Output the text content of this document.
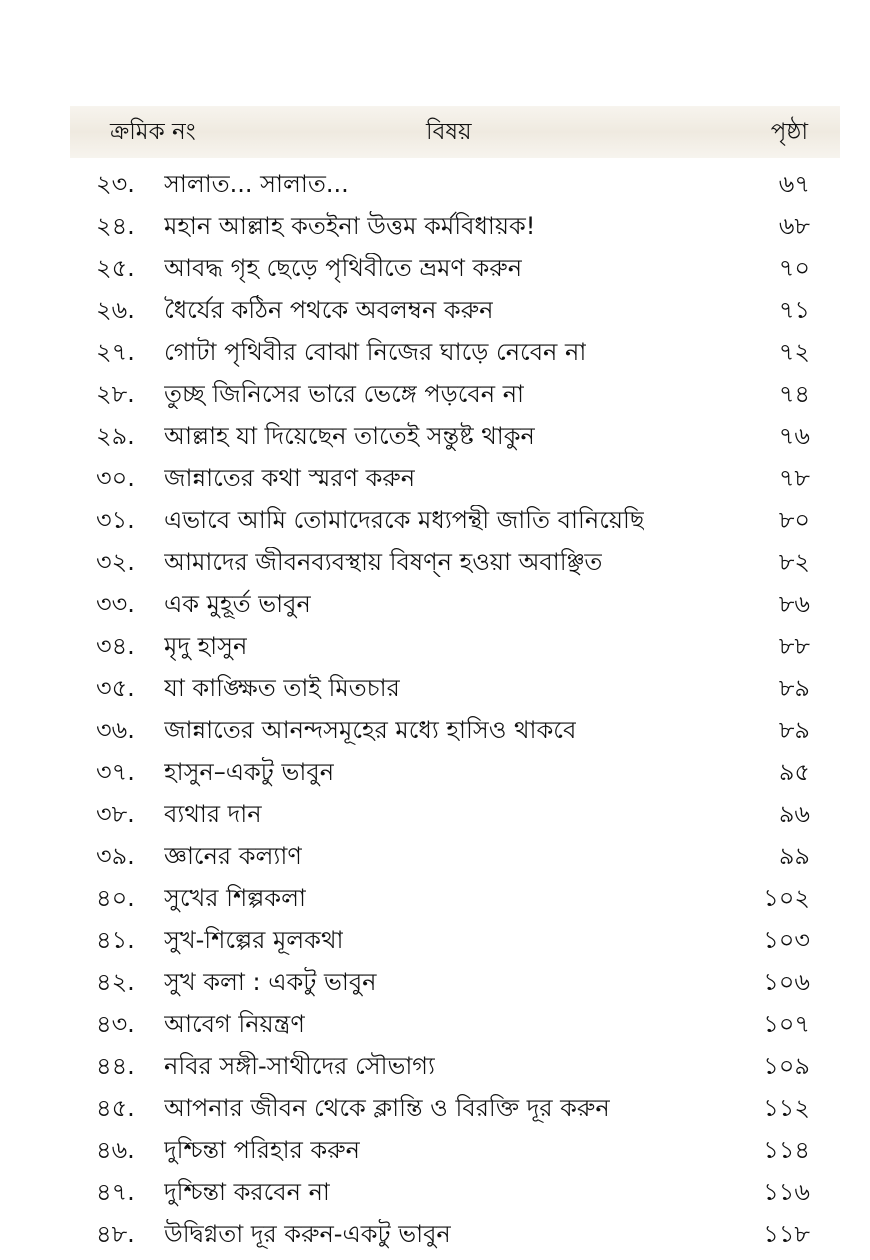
ক্রমিক নং	বিষয়	পৃষ্ঠা
২৩. সালাত... সালাত...	৬৭
২৪. মহান আল্লাহ কতইনা উত্তম কর্মবিধায়ক!	৬৮
২৫. আবদ্ধ গৃহ ছেড়ে পৃথিবীতে ভ্রমণ করুন	৭০
২৬. ধৈর্যের কঠিন পথকে অবলম্বন করুন	৭১
২৭. গোটা পৃথিবীর বোঝা নিজের ঘাড়ে নেবেন না	৭২
২৮. তুচ্ছ জিনিসের ভারে ভেঙ্গে পড়বেন না	৭৪
২৯. আল্লাহ যা দিয়েছেন তাতেই সন্তুষ্ট থাকুন	৭৬
৩০. জান্নাতের কথা স্মরণ করুন	৭৮
৩১. এভাবে আমি তোমাদেরকে মধ্যপন্থী জাতি বানিয়েছি	৮০
৩২. আমাদের জীবনব্যবস্থায় বিষণ্ন হওয়া অবাঞ্ছিত	৮২
৩৩. এক মুহূর্ত ভাবুন	৮৬
৩৪. মৃদু হাসুন	৮৮
৩৫. যা কাঙ্ক্ষিত তাই মিতচার	৮৯
৩৬. জান্নাতের আনন্দসমূহের মধ্যে হাসিও থাকবে	৮৯
৩৭. হাসুন–একটু ভাবুন	৯৫
৩৮. ব্যথার দান	৯৬
৩৯. জ্ঞানের কল্যাণ	৯৯
৪০. সুখের শিল্পকলা	১০২
৪১. সুখ-শিল্পের মূলকথা	১০৩
৪২. সুখ কলা : একটু ভাবুন	১০৬
৪৩. আবেগ নিয়ন্ত্রণ	১০৭
৪৪. নবির সঙ্গী-সাথীদের সৌভাগ্য	১০৯
৪৫. আপনার জীবন থেকে ক্লান্তি ও বিরক্তি দূর করুন	১১২
৪৬. দুশ্চিন্তা পরিহার করুন	১১৪
৪৭. দুশ্চিন্তা করবেন না	১১৬
৪৮. উদ্বিগ্নতা দূর করুন-একটু ভাবুন	১১৮
